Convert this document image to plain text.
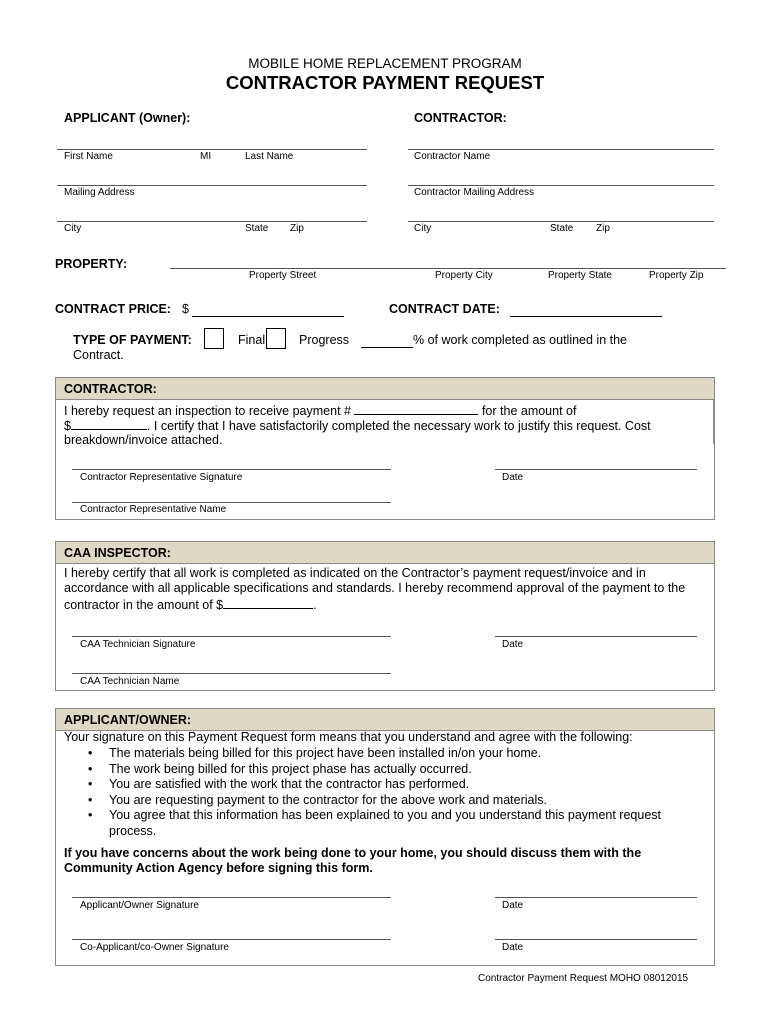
MOBILE HOME REPLACEMENT PROGRAM
CONTRACTOR PAYMENT REQUEST
APPLICANT (Owner):	CONTRACTOR:
First Name	MI	Last Name	Contractor Name
Mailing Address	Contractor Mailing Address
City	State Zip	City	State Zip
PROPERTY:
Property Street	Property City	Property State	Property Zip
CONTRACT PRICE: $	CONTRACT DATE:
TYPE OF PAYMENT:	Final	Progress	% of work completed as outlined in the
Contract.
CONTRACTOR:
I hereby request an inspection to receive payment #	for the amount of
$	. I certify that I have satisfactorily completed the necessary work to justify this request. Cost
breakdown/invoice attached.
Contractor Representative Signature	Date
Contractor Representative Name
CAA INSPECTOR:
I hereby certify that all work is completed as indicated on the Contractor’s payment request/invoice and in
accordance with all applicable specifications and standards. I hereby recommend approval of the payment to the
contractor in the amount of $	.
CAA Technician Signature	Date
CAA Technician Name
APPLICANT/OWNER:
Your signature on this Payment Request form means that you understand and agree with the following:
• The materials being billed for this project have been installed in/on your home.
• The work being billed for this project phase has actually occurred.
• You are satisfied with the work that the contractor has performed.
• You are requesting payment to the contractor for the above work and materials.
• You agree that this information has been explained to you and you understand this payment request process.
If you have concerns about the work being done to your home, you should discuss them with the
Community Action Agency before signing this form.
Applicant/Owner Signature	Date
Co-Applicant/co-Owner Signature	Date
Contractor Payment Request MOHO 08012015
